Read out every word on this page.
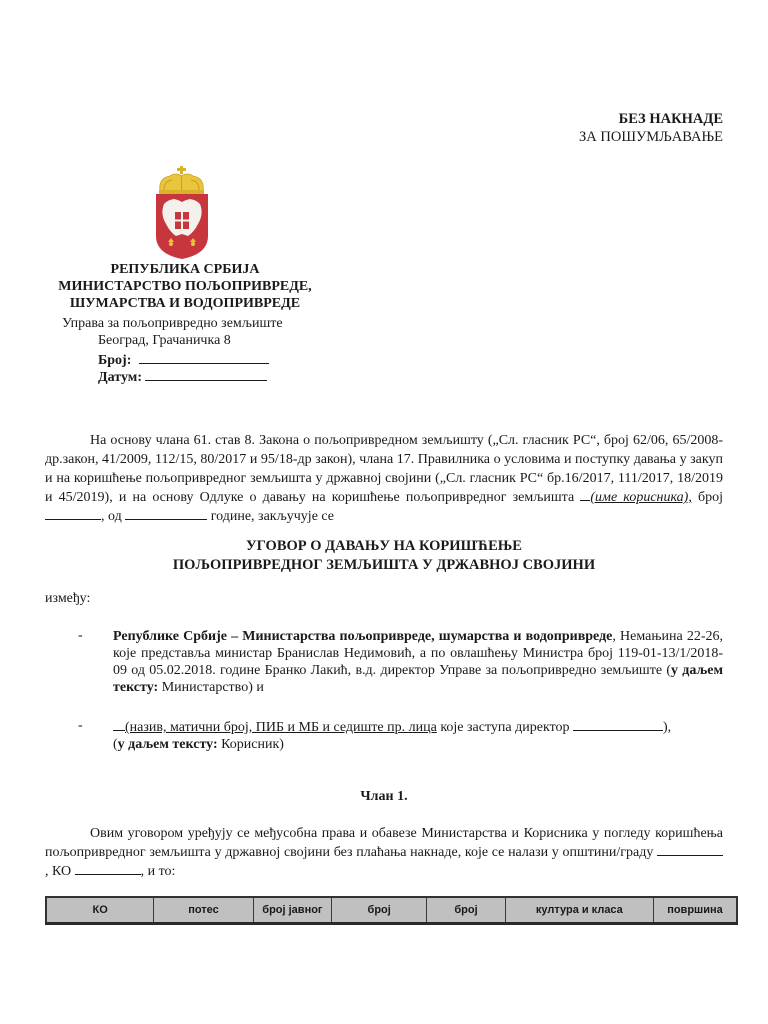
БЕЗ НАКНАДЕ
ЗА ПОШУМЉАВАЊЕ
РЕПУБЛИКА СРБИЈА
МИНИСТАРСТВО ПОЉОПРИВРЕДЕ,
ШУМАРСТВА И ВОДОПРИВРЕДЕ
Управа за пољопривредно земљиште
Београд, Грачаничка 8
Број:
Датум:
На основу члана 61. став 8. Закона о пољопривредном земљишту („Сл. гласник РС“, број 62/06, 65/2008-др.закон, 41/2009, 112/15, 80/2017 и 95/18-др закон), члана 17. Правилника о условима и поступку давања у закуп и на коришћење пољопривредног земљишта у државној својини („Сл. гласник РС“ бр.16/2017, 111/2017, 18/2019 и 45/2019), и на основу Одлуке о давању на коришћење пољопривредног земљишта (име корисника), број , од	године, закључује се
УГОВОР О ДАВАЊУ НА КОРИШЋЕЊЕ
ПОЉОПРИВРЕДНОГ ЗЕМЉИШТА У ДРЖАВНОЈ СВОЈИНИ
између:
- Републике Србије – Министарства пољопривреде, шумарства и водопривреде, Немањина 22-26, које представља министар Бранислав Недимовић, а по овлашћењу Министра број 119-01-13/1/2018-09 од 05.02.2018. године Бранко Лакић, в.д. директор Управе за пољопривредно земљиште (у даљем тексту: Министарство) и
-	(назив, матични број, ПИБ и МБ и седиште пр. лица које заступа директор	),
(у даљем тексту: Корисник)
Члан 1.
Овим уговором уређују се међусобна права и обавезе Министарства и Корисника у погледу коришћења пољопривредног земљишта у државној својини без плаћања накнаде, које се налази у општини/граду , КО	, и то:
КО	потес	број јавног	број	број	култура и класа	површина
